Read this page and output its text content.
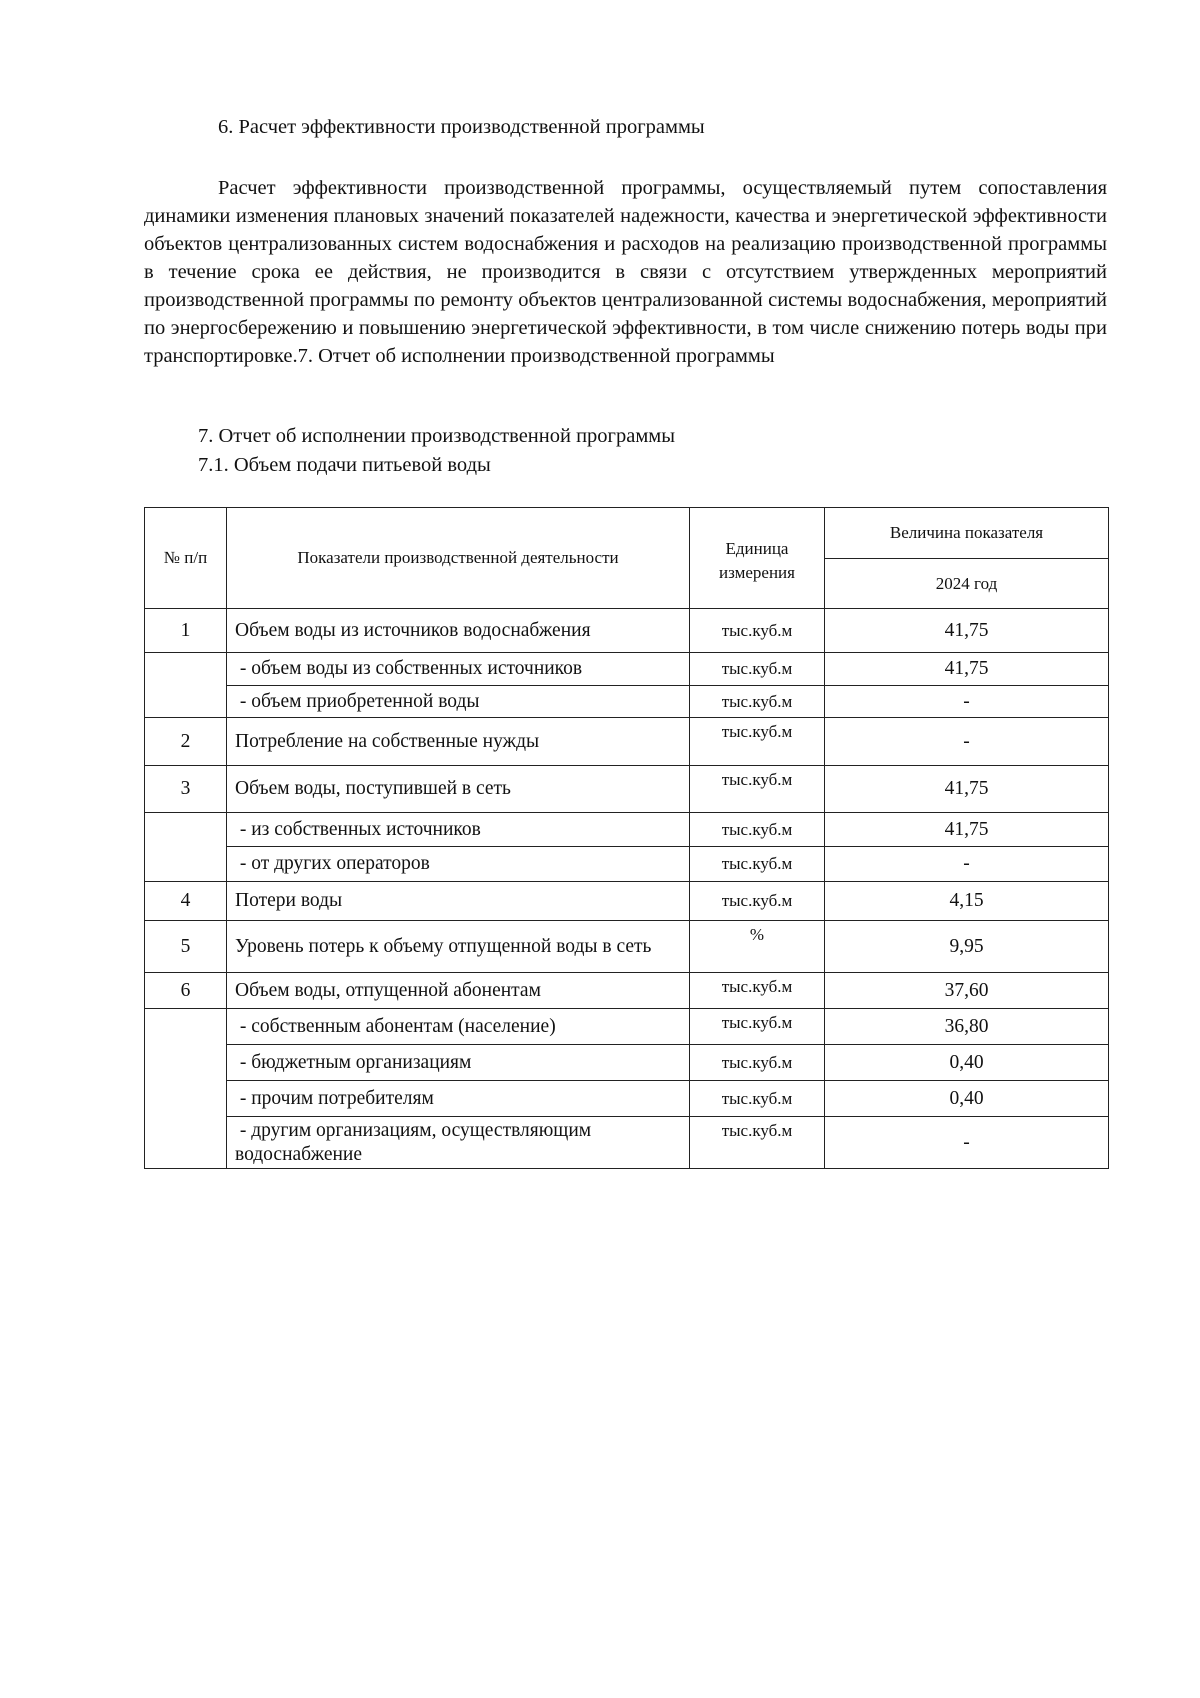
6. Расчет эффективности производственной программы
Расчет эффективности производственной программы, осуществляемый путем сопоставления динамики изменения плановых значений показателей надежности, качества и энергетической эффективности объектов централизованных систем водоснабжения и расходов на реализацию производственной программы в течение срока ее действия, не производится в связи с отсутствием утвержденных мероприятий производственной программы по ремонту объектов централизованной системы водоснабжения, мероприятий по энергосбережению и повышению энергетической эффективности, в том числе снижению потерь воды при транспортировке.7. Отчет об исполнении производственной программы
7. Отчет об исполнении производственной программы
7.1. Объем подачи питьевой воды
№ п/п	Показатели производственной деятельности	Единица измерения	Величина показателя
			2024 год
1	Объем воды из источников водоснабжения	тыс.куб.м	41,75
	- объем воды из собственных источников	тыс.куб.м	41,75
	- объем приобретенной воды	тыс.куб.м	-
2	Потребление на собственные нужды	тыс.куб.м	-
3	Объем воды, поступившей в сеть	тыс.куб.м	41,75
	- из собственных источников	тыс.куб.м	41,75
	- от других операторов	тыс.куб.м	-
4	Потери воды	тыс.куб.м	4,15
5	Уровень потерь к объему отпущенной воды в сеть	%	9,95
6	Объем воды, отпущенной абонентам	тыс.куб.м	37,60
	- собственным абонентам (население)	тыс.куб.м	36,80
	- бюджетным организациям	тыс.куб.м	0,40
	- прочим потребителям	тыс.куб.м	0,40
	- другим организациям, осуществляющим водоснабжение	тыс.куб.м	-
